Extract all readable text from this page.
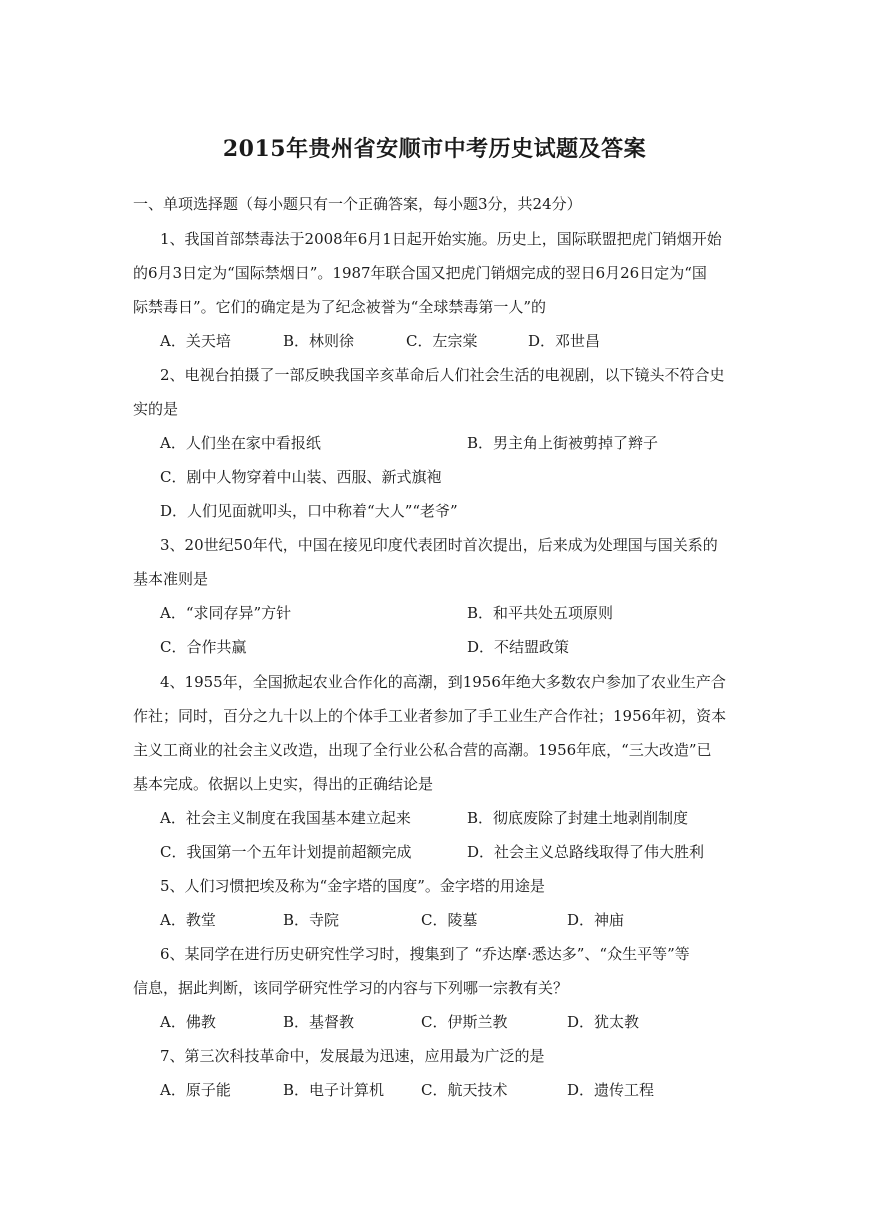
2015年贵州省安顺市中考历史试题及答案
一、单项选择题（每小题只有一个正确答案，每小题3分，共24分）
1、我国首部禁毒法于2008年6月1日起开始实施。历史上，国际联盟把虎门销烟开始
的6月3日定为“国际禁烟日”。1987年联合国又把虎门销烟完成的翌日6月26日定为“国
际禁毒日”。它们的确定是为了纪念被誉为“全球禁毒第一人”的
A．关天培	B．林则徐	C．左宗棠	D．邓世昌
2、电视台拍摄了一部反映我国辛亥革命后人们社会生活的电视剧，以下镜头不符合史
实的是
A．人们坐在家中看报纸	B．男主角上街被剪掉了辫子
C．剧中人物穿着中山装、西服、新式旗袍
D．人们见面就叩头，口中称着“大人”“老爷”
3、20世纪50年代，中国在接见印度代表团时首次提出，后来成为处理国与国关系的
基本准则是
A．“求同存异”方针	B．和平共处五项原则
C．合作共赢	D．不结盟政策
4、1955年，全国掀起农业合作化的高潮，到1956年绝大多数农户参加了农业生产合
作社；同时，百分之九十以上的个体手工业者参加了手工业生产合作社；1956年初，资本
主义工商业的社会主义改造，出现了全行业公私合营的高潮。1956年底，“三大改造”已
基本完成。依据以上史实，得出的正确结论是
A．社会主义制度在我国基本建立起来	B．彻底废除了封建土地剥削制度
C．我国第一个五年计划提前超额完成	D．社会主义总路线取得了伟大胜利
5、人们习惯把埃及称为“金字塔的国度”。金字塔的用途是
A．教堂	B．寺院	C．陵墓	D．神庙
6、某同学在进行历史研究性学习时，搜集到了 “乔达摩·悉达多”、“众生平等”等
信息，据此判断，该同学研究性学习的内容与下列哪一宗教有关？
A．佛教	B．基督教	C．伊斯兰教	D．犹太教
7、第三次科技革命中，发展最为迅速，应用最为广泛的是
A．原子能	B．电子计算机 C．航天技术	D．遗传工程
